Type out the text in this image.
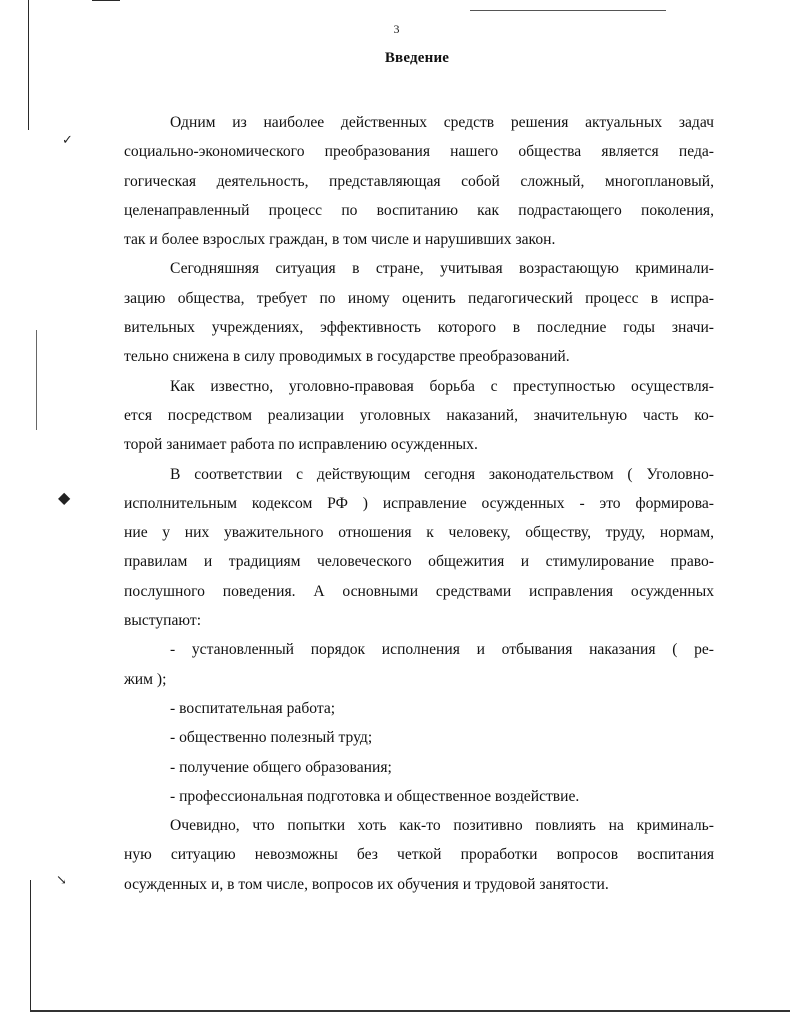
✓
◆
↘
3
Введение
Одним из наиболее действенных средств решения актуальных задач
социально-экономического преобразования нашего общества является педа-
гогическая деятельность, представляющая собой сложный, многоплановый,
целенаправленный процесс по воспитанию как подрастающего поколения,
так и более взрослых граждан, в том числе и нарушивших закон.
Сегодняшняя ситуация в стране, учитывая возрастающую криминали-
зацию общества, требует по иному оценить педагогический процесс в испра-
вительных учреждениях, эффективность которого в последние годы значи-
тельно снижена в силу проводимых в государстве преобразований.
Как известно, уголовно-правовая борьба с преступностью осуществля-
ется посредством реализации уголовных наказаний, значительную часть ко-
торой занимает работа по исправлению осужденных.
В соответствии с действующим сегодня законодательством ( Уголовно-
исполнительным кодексом РФ ) исправление осужденных - это формирова-
ние у них уважительного отношения к человеку, обществу, труду, нормам,
правилам и традициям человеческого общежития и стимулирование право-
послушного поведения. А основными средствами исправления осужденных
выступают:
- установленный порядок исполнения и отбывания наказания ( ре-
жим );
- воспитательная работа;
- общественно полезный труд;
- получение общего образования;
- профессиональная подготовка и общественное воздействие.
Очевидно, что попытки хоть как-то позитивно повлиять на криминаль-
ную ситуацию невозможны без четкой проработки вопросов воспитания
осужденных и, в том числе, вопросов их обучения и трудовой занятости.
